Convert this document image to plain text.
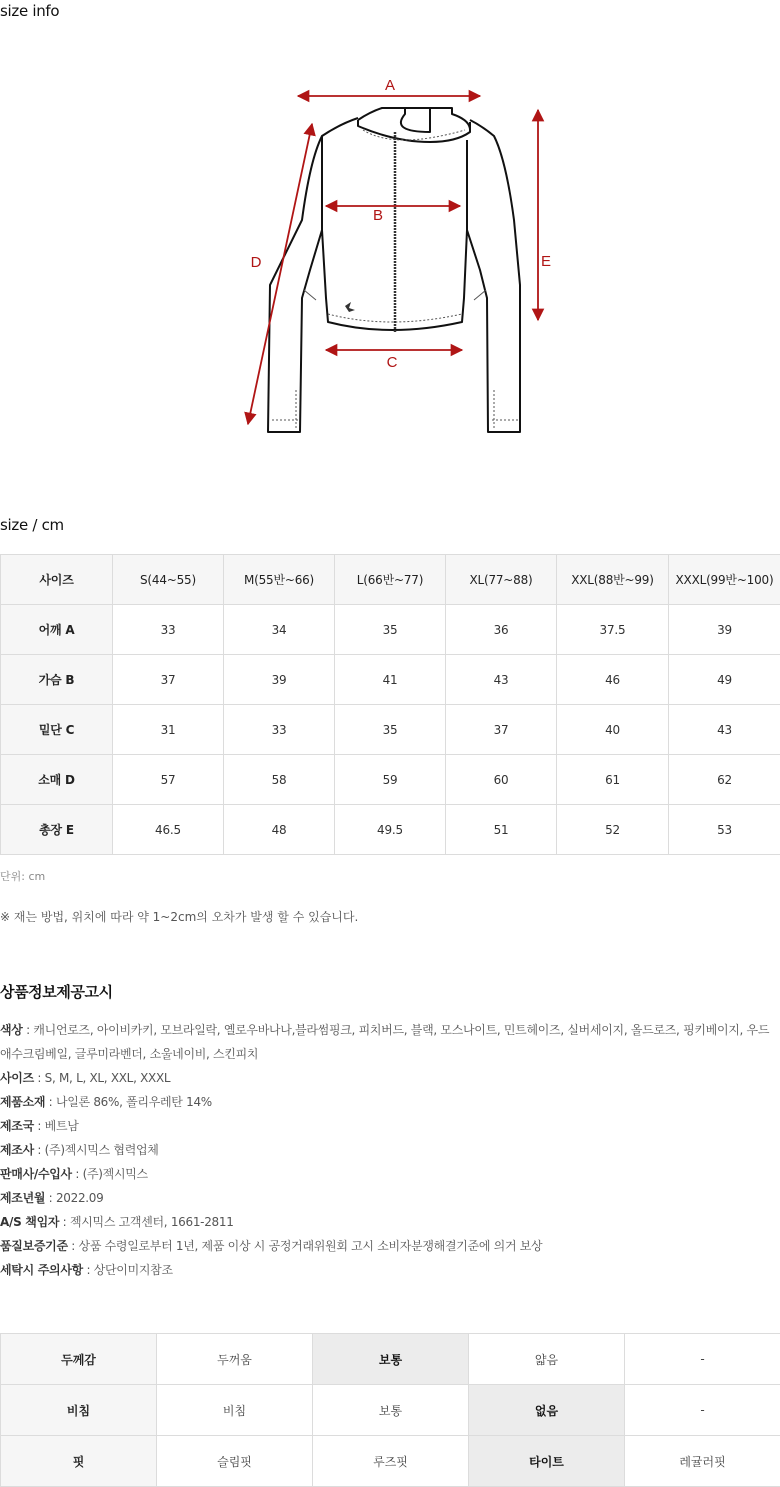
size info
A
B
C
D	E
size / cm
사이즈	S(44~55)	M(55반~66)	L(66반~77)	XL(77~88)	XXL(88반~99)	XXXL(99반~100)
어깨 A	33	34	35	36	37.5	39
가슴 B	37	39	41	43	46	49
밑단 C	31	33	35	37	40	43
소매 D	57	58	59	60	61	62
총장 E	46.5	48	49.5	51	52	53
단위: cm
※ 재는 방법, 위치에 따라 약 1~2cm의 오차가 발생 할 수 있습니다.
상품정보제공고시
색상 : 캐니언로즈, 아이비카키, 모브라일락, 옐로우바나나,블라썸핑크, 피치버드, 블랙, 모스나이트, 민트헤이즈, 실버세이지, 올드로즈, 핑키베이지, 우드애수크림베일, 글루미라벤더, 소울네이비, 스킨피치
사이즈 : S, M, L, XL, XXL, XXXL
제품소재 : 나일론 86%, 폴리우레탄 14%
제조국 : 베트남
제조사 : (주)젝시믹스 협력업체
판매사/수입사 : (주)젝시믹스
제조년월 : 2022.09
A/S 책임자 : 젝시믹스 고객센터, 1661-2811
품질보증기준 : 상품 수령일로부터 1년, 제품 이상 시 공정거래위원회 고시 소비자분쟁해결기준에 의거 보상
세탁시 주의사항 : 상단이미지참조
두께감	두꺼움	보통	얇음	-
비침	비침	보통	없음	-
핏	슬림핏	루즈핏	타이트	레귤러핏
